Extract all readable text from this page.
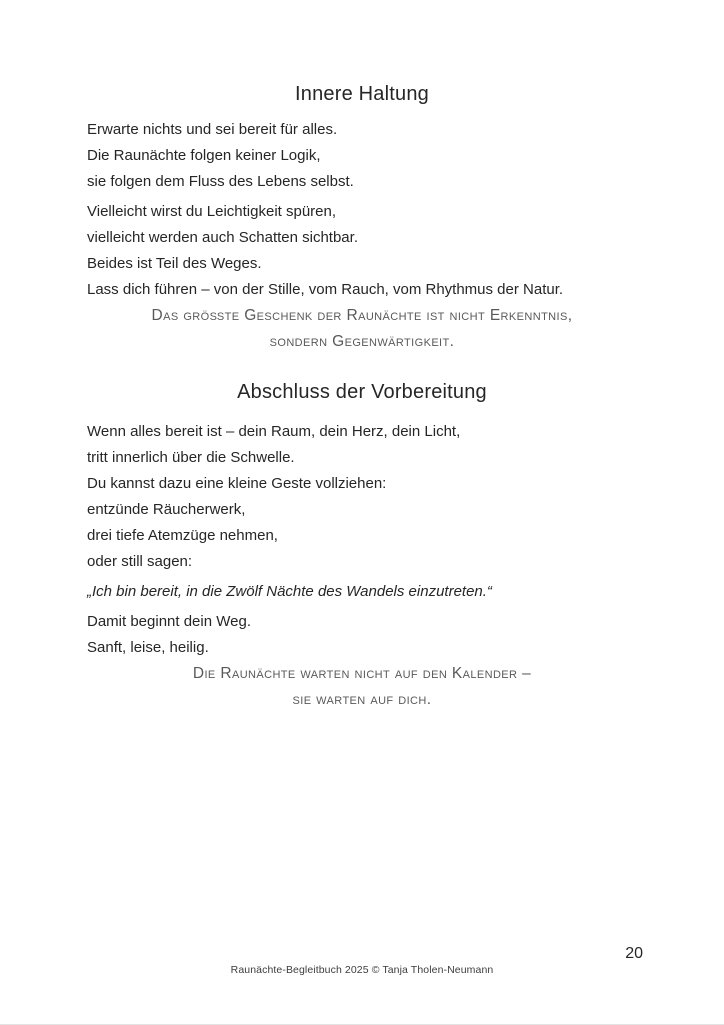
Innere Haltung
Erwarte nichts und sei bereit für alles.
Die Raunächte folgen keiner Logik,
sie folgen dem Fluss des Lebens selbst.
Vielleicht wirst du Leichtigkeit spüren,
vielleicht werden auch Schatten sichtbar.
Beides ist Teil des Weges.
Lass dich führen – von der Stille, vom Rauch, vom Rhythmus der Natur.
Das größte Geschenk der Raunächte ist nicht Erkenntnis,
sondern Gegenwärtigkeit.
Abschluss der Vorbereitung
Wenn alles bereit ist – dein Raum, dein Herz, dein Licht,
tritt innerlich über die Schwelle.
Du kannst dazu eine kleine Geste vollziehen:
entzünde Räucherwerk,
drei tiefe Atemzüge nehmen,
oder still sagen:
„Ich bin bereit, in die Zwölf Nächte des Wandels einzutreten.“
Damit beginnt dein Weg.
Sanft, leise, heilig.
Die Raunächte warten nicht auf den Kalender –
sie warten auf dich.
20
Raunächte-Begleitbuch 2025 © Tanja Tholen-Neumann
